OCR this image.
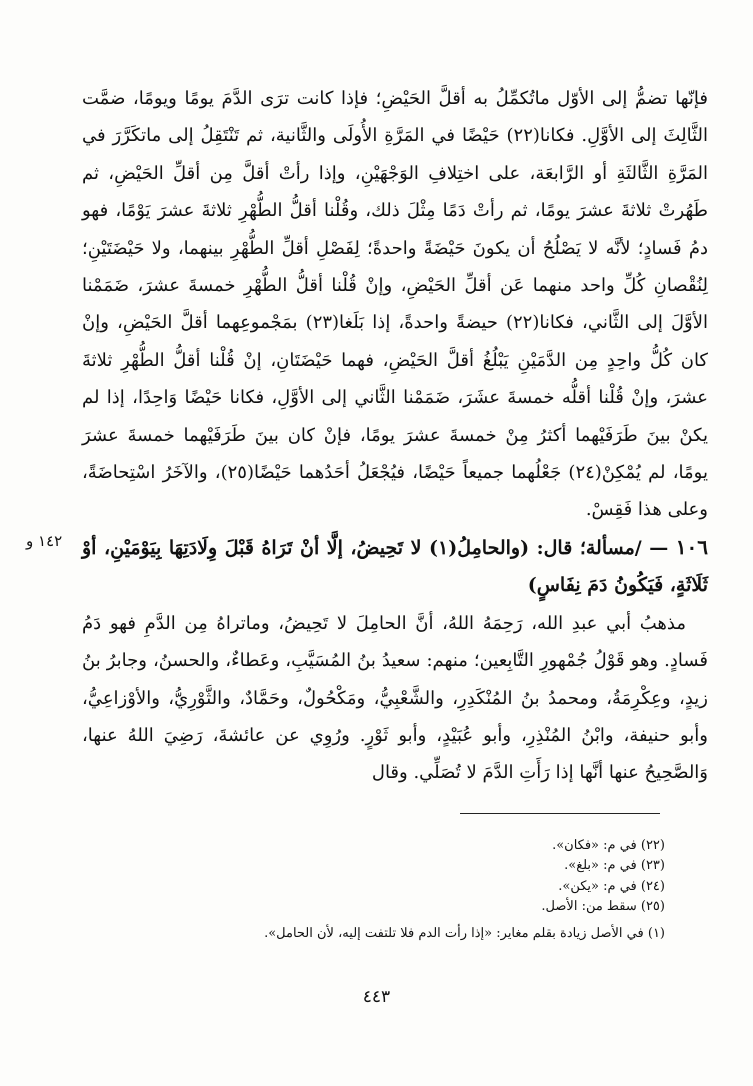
فإنّها تضمُّ إلى الأوّل ماتُكمِّلُ به أقلَّ الحَيْضِ؛ فإذا كانت ترَى الدَّمَ يومًا ويومًا، ضمَّت الثَّالِثَ إلى الأوَّلِ. فكانا(٢٢) حَيْضًا في المَرَّةِ الأُولَى والثَّانية، ثم تَنْتَقِلُ إلى ماتكَرَّرَ في المَرَّةِ الثَّالثَةِ أو الرَّابعَة، على اختِلافِ الوَجْهَيْنِ، وإذا رأتْ أقلَّ مِن أقلِّ الحَيْضِ، ثم طَهُرتْ ثلاثةَ عشرَ يومًا، ثم رأتْ دَمًا مِثْلَ ذلك، وقُلْنا أقلُّ الطُّهْرِ ثلاثةَ عشرَ يَوْمًا، فهو دمُ فَسادٍ؛ لأنَّه لا يَصْلُحُ أن يكونَ حَيْضَةً واحدةً؛ لِفَصْلِ أقلِّ الطُّهْرِ بينهما، ولا حَيْضَتَيْنِ؛ لِنُقْصانِ كُلِّ واحد منهما عَن أقلِّ الحَيْضِ، وإنْ قُلْنا أقلُّ الطُّهْرِ خمسةَ عشرَ، ضَمَمْنا الأوَّلَ إلى الثَّاني، فكانا(٢٢) حيضةً واحدةً، إذا بَلَغا(٢٣) بمَجْموعِهما أقلَّ الحَيْضِ، وإنْ كان كُلُّ واحِدٍ مِن الدَّمَيْنِ يَبْلُغُ أقلَّ الحَيْضِ، فهما حَيْضَتَانِ، إنْ قُلْنا أقلُّ الطُّهْرِ ثلاثةَ عشرَ، وإنْ قُلْنا أقلُّه خمسةَ عشَرَ، ضَمَمْنا الثَّاني إلى الأوَّلِ، فكانا حَيْضًا وَاحِدًا، إذا لم يكنْ بينَ طَرَفَيْهما أكثرُ مِنْ خمسةَ عشرَ يومًا، فإنْ كان بينَ طَرَفَيْهما خمسةَ عشرَ يومًا، لم يُمْكِنْ(٢٤) جَعْلُهما جميعاً حَيْضًا، فيُجْعَلُ أحَدُهما حَيْضًا(٢٥)، والآخَرُ اسْتِحاضَةً، وعلى هذا فَقِسْ.

١٠٦ — /مسألة؛ قال: (والحامِلُ(١) لا تَحِيضُ، إلَّا أنْ تَرَاهُ قَبْلَ وِلَادَتِهَا بِيَوْمَيْنِ، أوْ ثَلَاثَةٍ، فَيَكُونُ دَمَ نِفَاسٍ)

مذهبُ أبي عبدِ الله، رَحِمَهُ اللهُ، أنَّ الحامِلَ لا تَحِيضُ، وماتراهُ مِن الدَّمِ فهو دَمُ فَسادٍ. وهو قَوْلُ جُمْهورِ التَّابِعين؛ منهم: سعيدُ بنُ المُسَيَّبِ، وعَطاءٌ، والحسنُ، وجابرُ بنُ زيدٍ، وعِكْرِمَةُ، ومحمدُ بنُ المُنْكَدِرِ، والشَّعْبِيُّ، ومَكْحُولٌ، وحَمَّادٌ، والثَّوْرِيُّ، والأوْزاعِيُّ، وأبو حنيفة، وابْنُ المُنْذِرِ، وأبو عُبَيْدٍ، وأبو ثَوْرٍ. ورُوِي عن عائشةَ، رَضِيَ اللهُ عنها، وَالصَّحِيحُ عنها أنَّها إذا رَأَتِ الدَّمَ لا تُصَلِّي. وقال

١٤٢ و

(٢٢) في م: «فكان».

(٢٣) في م: «بلغ».

(٢٤) في م: «يكن».

(٢٥) سقط من: الأصل.

(١) في الأصل زيادة بقلم مغاير: «إذا رأت الدم فلا تلتفت إليه، لأن الحامل».

٤٤٣
